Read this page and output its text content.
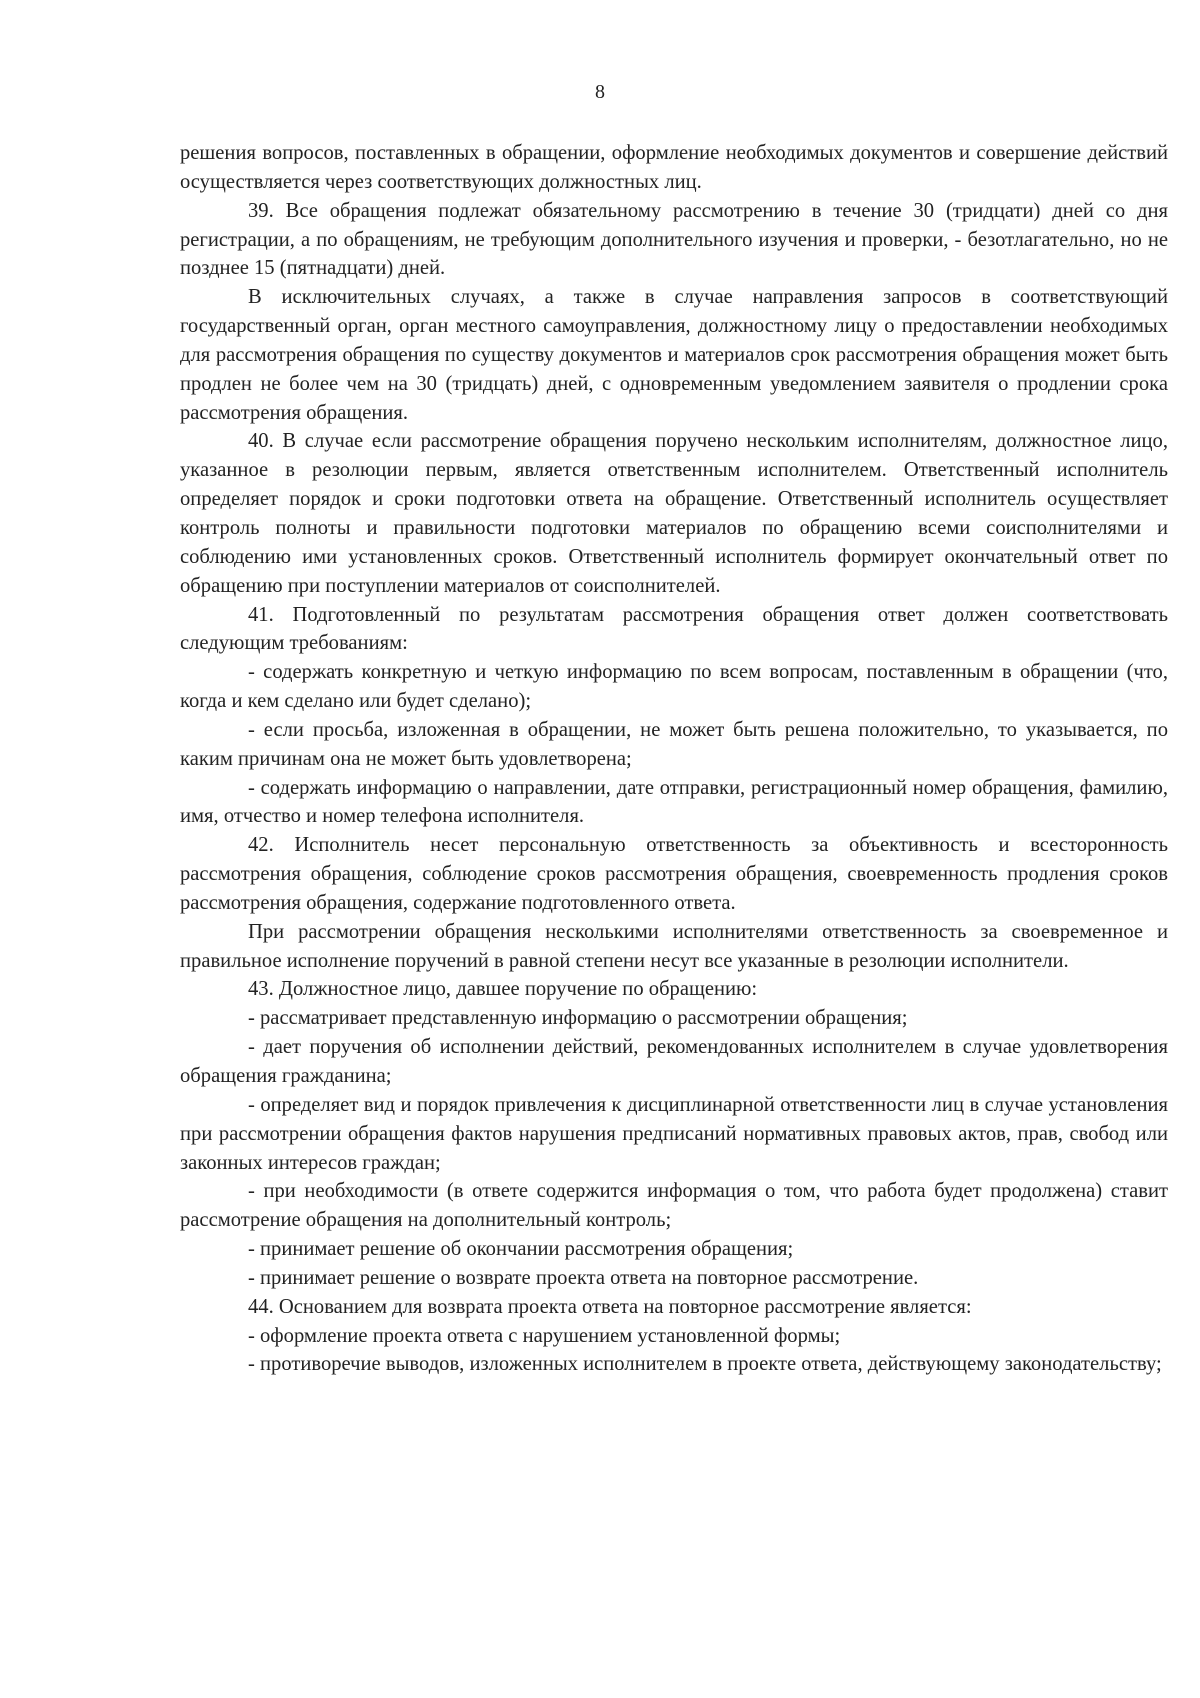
8

решения вопросов, поставленных в обращении, оформление необходимых документов и совершение действий осуществляется через соответствующих должностных лиц.

39. Все обращения подлежат обязательному рассмотрению в течение 30 (тридцати) дней со дня регистрации, а по обращениям, не требующим дополнительного изучения и проверки, - безотлагательно, но не позднее 15 (пятнадцати) дней.

В исключительных случаях, а также в случае направления запросов в соответствующий государственный орган, орган местного самоуправления, должностному лицу о предоставлении необходимых для рассмотрения обращения по существу документов и материалов срок рассмотрения обращения может быть продлен не более чем на 30 (тридцать) дней, с одновременным уведомлением заявителя о продлении срока рассмотрения обращения.

40. В случае если рассмотрение обращения поручено нескольким исполнителям, должностное лицо, указанное в резолюции первым, является ответственным исполнителем. Ответственный исполнитель определяет порядок и сроки подготовки ответа на обращение. Ответственный исполнитель осуществляет контроль полноты и правильности подготовки материалов по обращению всеми соисполнителями и соблюдению ими установленных сроков. Ответственный исполнитель формирует окончательный ответ по обращению при поступлении материалов от соисполнителей.

41. Подготовленный по результатам рассмотрения обращения ответ должен соответствовать следующим требованиям:

- содержать конкретную и четкую информацию по всем вопросам, поставленным в обращении (что, когда и кем сделано или будет сделано);

- если просьба, изложенная в обращении, не может быть решена положительно, то указывается, по каким причинам она не может быть удовлетворена;

- содержать информацию о направлении, дате отправки, регистрационный номер обращения, фамилию, имя, отчество и номер телефона исполнителя.

42. Исполнитель несет персональную ответственность за объективность и всесторонность рассмотрения обращения, соблюдение сроков рассмотрения обращения, своевременность продления сроков рассмотрения обращения, содержание подготовленного ответа.

При рассмотрении обращения несколькими исполнителями ответственность за своевременное и правильное исполнение поручений в равной степени несут все указанные в резолюции исполнители.

43. Должностное лицо, давшее поручение по обращению:

- рассматривает представленную информацию о рассмотрении обращения;

- дает поручения об исполнении действий, рекомендованных исполнителем в случае удовлетворения обращения гражданина;

- определяет вид и порядок привлечения к дисциплинарной ответственности лиц в случае установления при рассмотрении обращения фактов нарушения предписаний нормативных правовых актов, прав, свобод или законных интересов граждан;

- при необходимости (в ответе содержится информация о том, что работа будет продолжена) ставит рассмотрение обращения на дополнительный контроль;

- принимает решение об окончании рассмотрения обращения;

- принимает решение о возврате проекта ответа на повторное рассмотрение.

44. Основанием для возврата проекта ответа на повторное рассмотрение является:

- оформление проекта ответа с нарушением установленной формы;

- противоречие выводов, изложенных исполнителем в проекте ответа, действующему законодательству;
